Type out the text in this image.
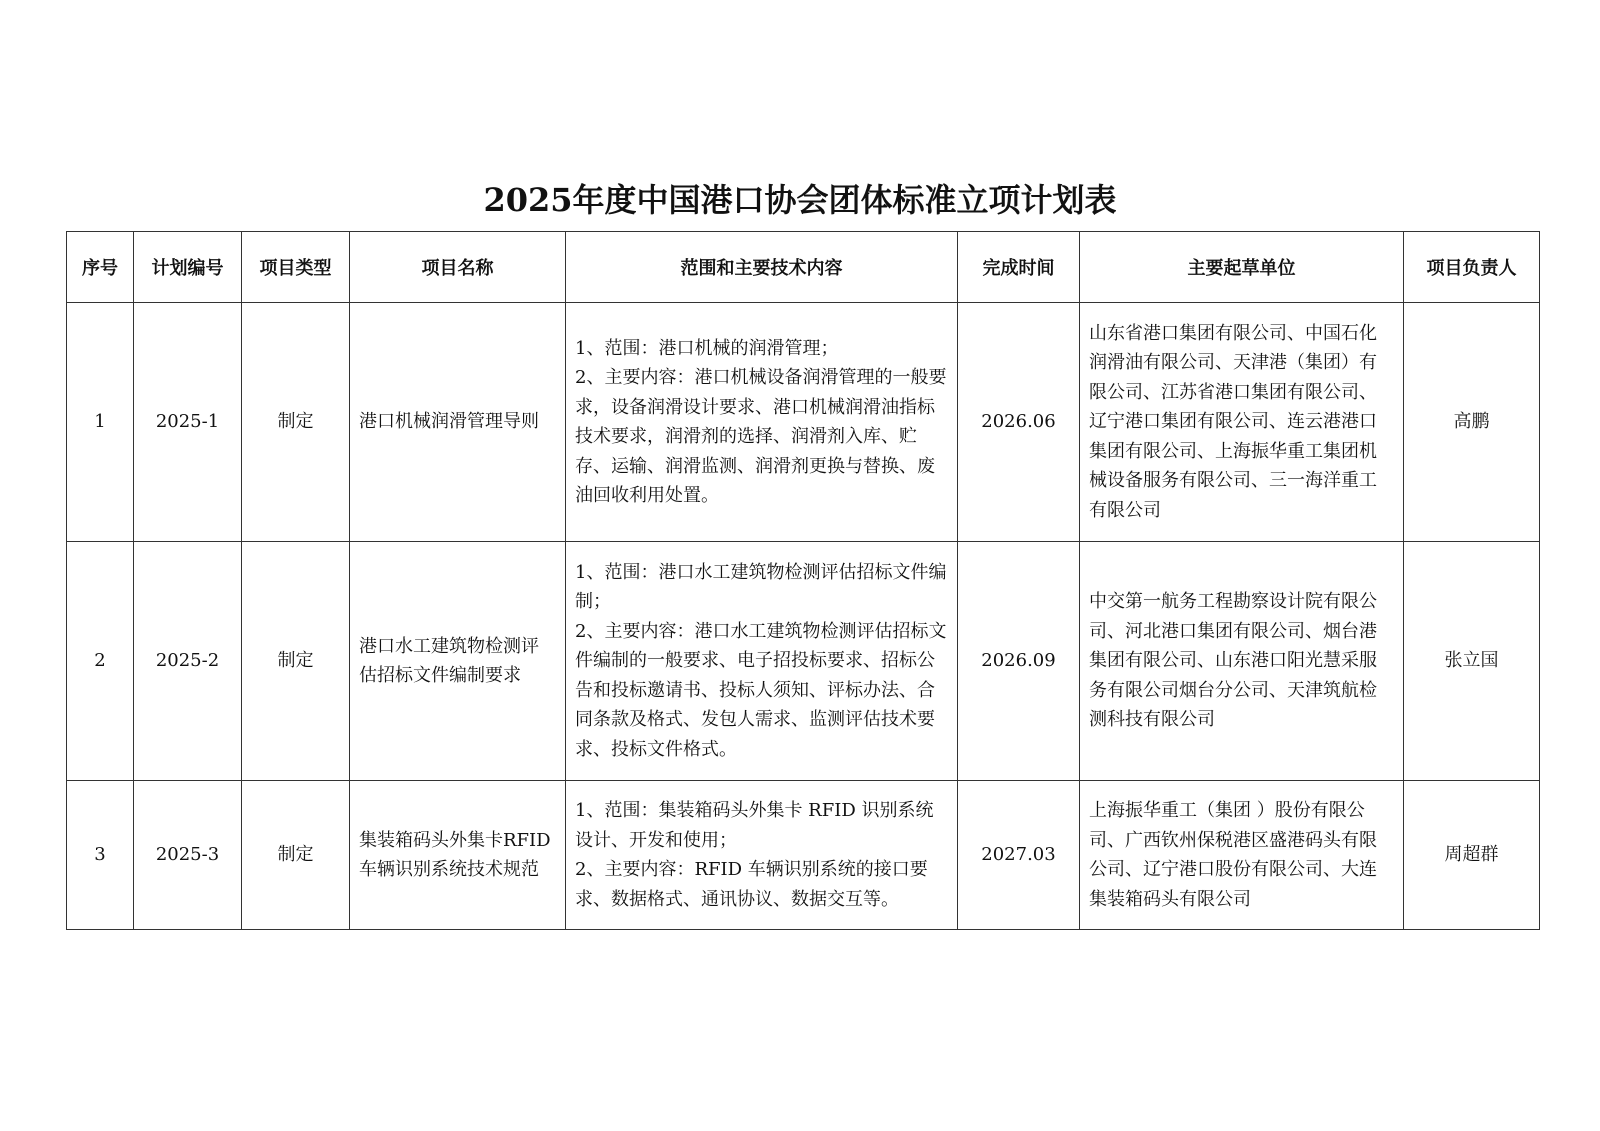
2025年度中国港口协会团体标准立项计划表
序号	计划编号	项目类型	项目名称	范围和主要技术内容	完成时间	主要起草单位	项目负责人
1	2025-1	制定	港口机械润滑管理导则	1、范围：港口机械的润滑管理；
2、主要内容：港口机械设备润滑管理的一般要求，设备润滑设计要求、港口机械润滑油指标技术要求，润滑剂的选择、润滑剂入库、贮存、运输、润滑监测、润滑剂更换与替换、废油回收利用处置。	2026.06	山东省港口集团有限公司、中国石化润滑油有限公司、天津港（集团）有限公司、江苏省港口集团有限公司、辽宁港口集团有限公司、连云港港口集团有限公司、上海振华重工集团机械设备服务有限公司、三一海洋重工有限公司	高鹏
2	2025-2	制定	港口水工建筑物检测评估招标文件编制要求	1、范围：港口水工建筑物检测评估招标文件编制；
2、主要内容：港口水工建筑物检测评估招标文件编制的一般要求、电子招投标要求、招标公告和投标邀请书、投标人须知、评标办法、合同条款及格式、发包人需求、监测评估技术要求、投标文件格式。	2026.09	中交第一航务工程勘察设计院有限公司、河北港口集团有限公司、烟台港集团有限公司、山东港口阳光慧采服务有限公司烟台分公司、天津筑航检测科技有限公司	张立国
3	2025-3	制定	集装箱码头外集卡RFID车辆识别系统技术规范	1、范围：集装箱码头外集卡 RFID 识别系统设计、开发和使用；
2、主要内容：RFID 车辆识别系统的接口要求、数据格式、通讯协议、数据交互等。	2027.03	上海振华重工（集团 ）股份有限公司、广西钦州保税港区盛港码头有限公司、辽宁港口股份有限公司、大连集装箱码头有限公司	周超群
